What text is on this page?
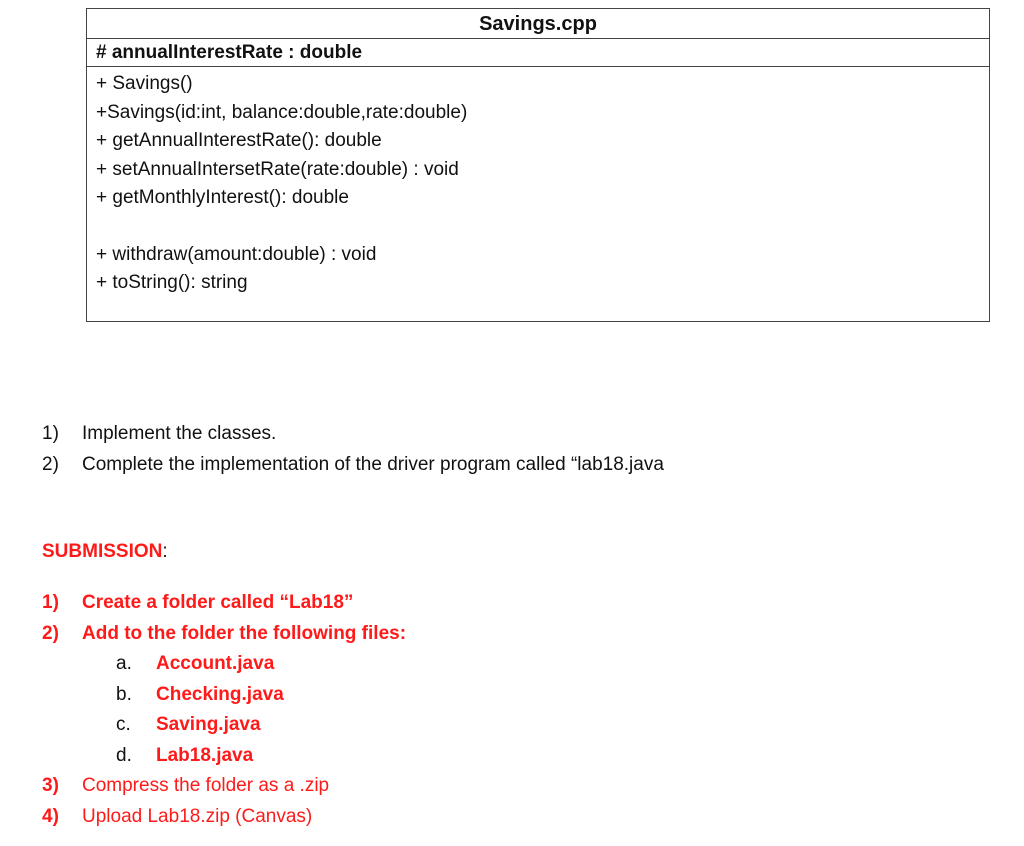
Savings.cpp
# annualInterestRate : double
+ Savings()
+Savings(id:int, balance:double,rate:double)
+ getAnnualInterestRate(): double
+ setAnnualIntersetRate(rate:double) : void
+ getMonthlyInterest(): double
+ withdraw(amount:double) : void
+ toString(): string
1) Implement the classes.
2) Complete the implementation of the driver program called “lab18.java
SUBMISSION:
1) Create a folder called “Lab18”
2) Add to the folder the following files:
a. Account.java
b. Checking.java
c. Saving.java
d. Lab18.java
3) Compress the folder as a .zip
4) Upload Lab18.zip (Canvas)
